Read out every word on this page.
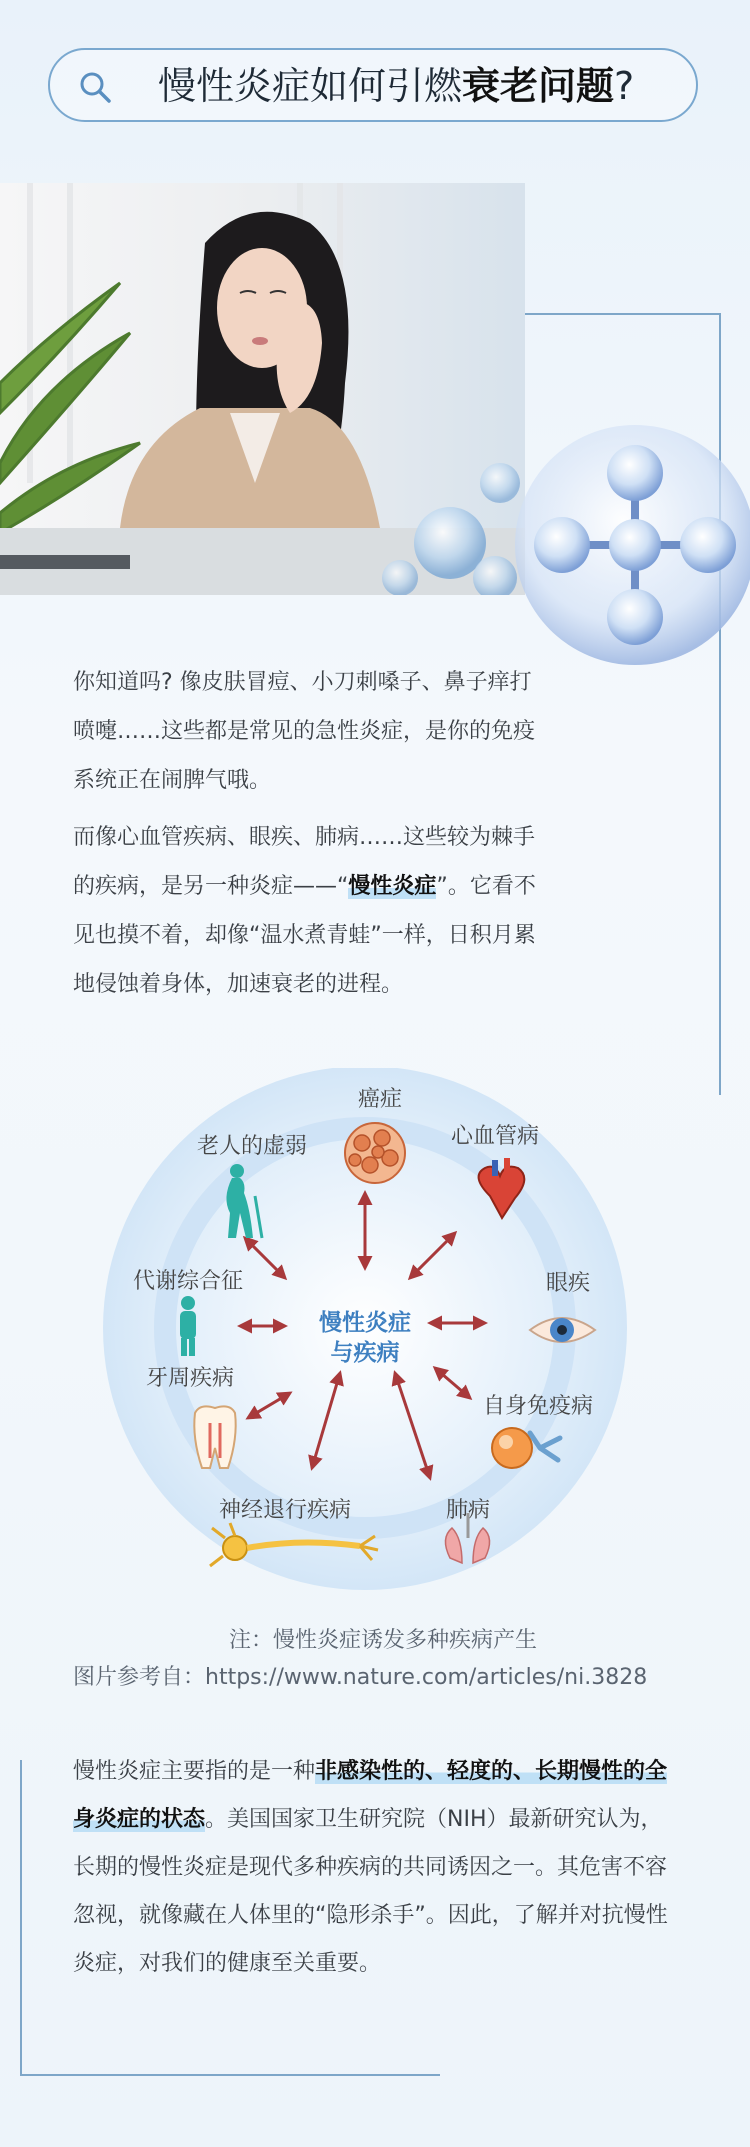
慢性炎症如何引燃衰老问题?
你知道吗? 像皮肤冒痘、小刀刺嗓子、鼻子痒打喷嚏……这些都是常见的急性炎症，是你的免疫系统正在闹脾气哦。
而像心血管疾病、眼疾、肺病……这些较为棘手的疾病，是另一种炎症——“慢性炎症”。它看不见也摸不着，却像“温水煮青蛙”一样，日积月累地侵蚀着身体，加速衰老的进程。
慢性炎症
与疾病
癌症
心血管病
眼疾
自身免疫病
肺病
神经退行疾病
牙周疾病
代谢综合征
老人的虚弱
注：慢性炎症诱发多种疾病产生
图片参考自：https://www.nature.com/articles/ni.3828
慢性炎症主要指的是一种非感染性的、轻度的、长期慢性的全身炎症的状态。美国国家卫生研究院（NIH）最新研究认为，长期的慢性炎症是现代多种疾病的共同诱因之一。其危害不容忽视，就像藏在人体里的“隐形杀手”。因此，了解并对抗慢性炎症，对我们的健康至关重要。
